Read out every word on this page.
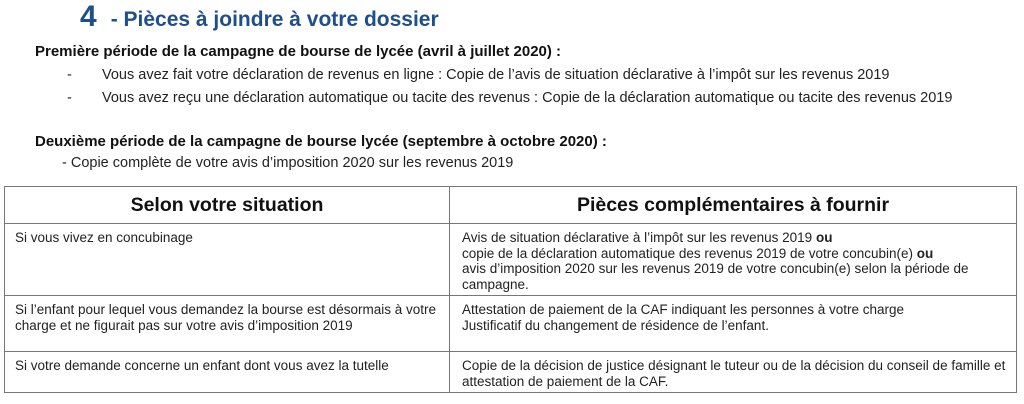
4 - Pièces à joindre à votre dossier
Première période de la campagne de bourse de lycée (avril à juillet 2020) :
- Vous avez fait votre déclaration de revenus en ligne : Copie de l’avis de situation déclarative à l’impôt sur les revenus 2019
- Vous avez reçu une déclaration automatique ou tacite des revenus : Copie de la déclaration automatique ou tacite des revenus 2019
Deuxième période de la campagne de bourse lycée (septembre à octobre 2020) :
- Copie complète de votre avis d’imposition 2020 sur les revenus 2019
Selon votre situation	Pièces complémentaires à fournir
Si vous vivez en concubinage	Avis de situation déclarative à l’impôt sur les revenus 2019 ou
copie de la déclaration automatique des revenus 2019 de votre concubin(e) ou
avis d’imposition 2020 sur les revenus 2019 de votre concubin(e) selon la période de campagne.
Si l’enfant pour lequel vous demandez la bourse est désormais à votre charge et ne figurait pas sur votre avis d’imposition 2019	Attestation de paiement de la CAF indiquant les personnes à votre charge
Justificatif du changement de résidence de l’enfant.
Si votre demande concerne un enfant dont vous avez la tutelle	Copie de la décision de justice désignant le tuteur ou de la décision du conseil de famille et attestation de paiement de la CAF.
